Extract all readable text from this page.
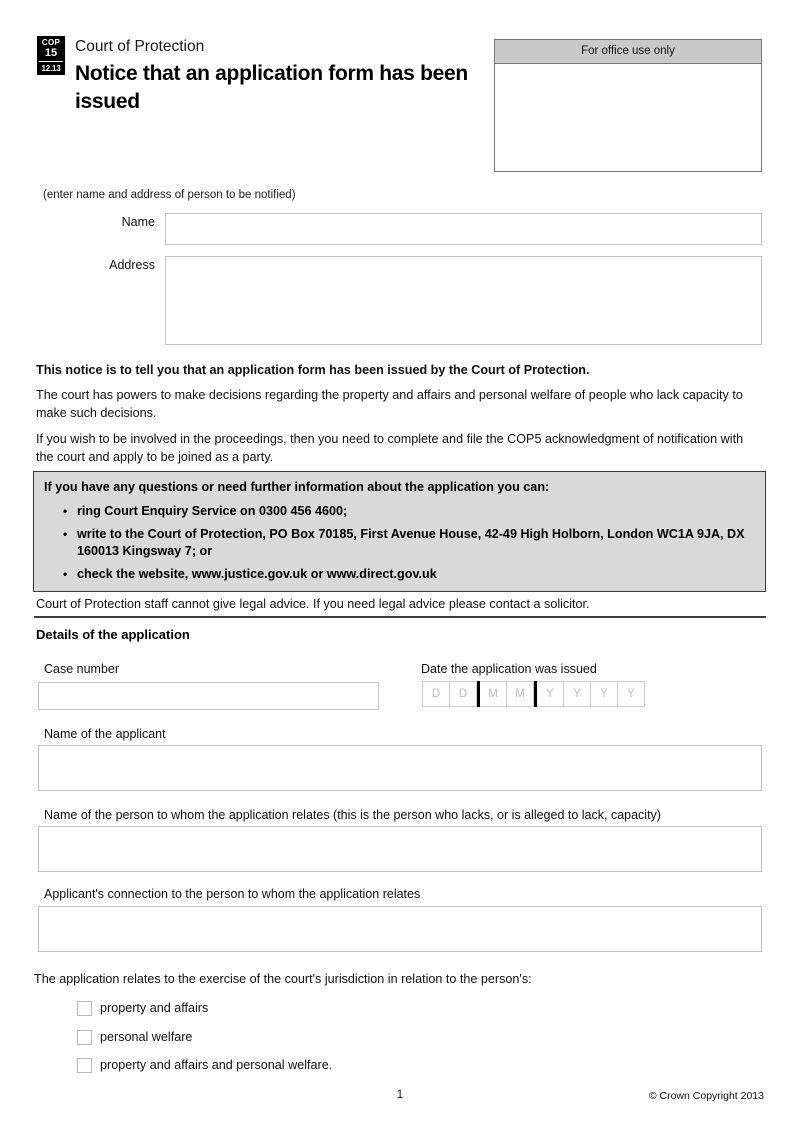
COP
15
12.13
Court of Protection
Notice that an application form has been issued
For office use only
(enter name and address of person to be notified)
Name
Address
This notice is to tell you that an application form has been issued by the Court of Protection.
The court has powers to make decisions regarding the property and affairs and personal welfare of people who lack capacity to make such decisions.
If you wish to be involved in the proceedings, then you need to complete and file the COP5 acknowledgment of notification with the court and apply to be joined as a party.
If you have any questions or need further information about the application you can:
• ring Court Enquiry Service on 0300 456 4600;
• write to the Court of Protection, PO Box 70185, First Avenue House, 42-49 High Holborn, London WC1A 9JA, DX 160013 Kingsway 7; or
• check the website, www.justice.gov.uk or www.direct.gov.uk
Court of Protection staff cannot give legal advice. If you need legal advice please contact a solicitor.
Details of the application
Case number	Date the application was issued
D	D	M	M	Y	Y	Y	Y
Name of the applicant
Name of the person to whom the application relates (this is the person who lacks, or is alleged to lack, capacity)
Applicant's connection to the person to whom the application relates
The application relates to the exercise of the court's jurisdiction in relation to the person's:
property and affairs
personal welfare
property and affairs and personal welfare.
1	© Crown Copyright 2013
